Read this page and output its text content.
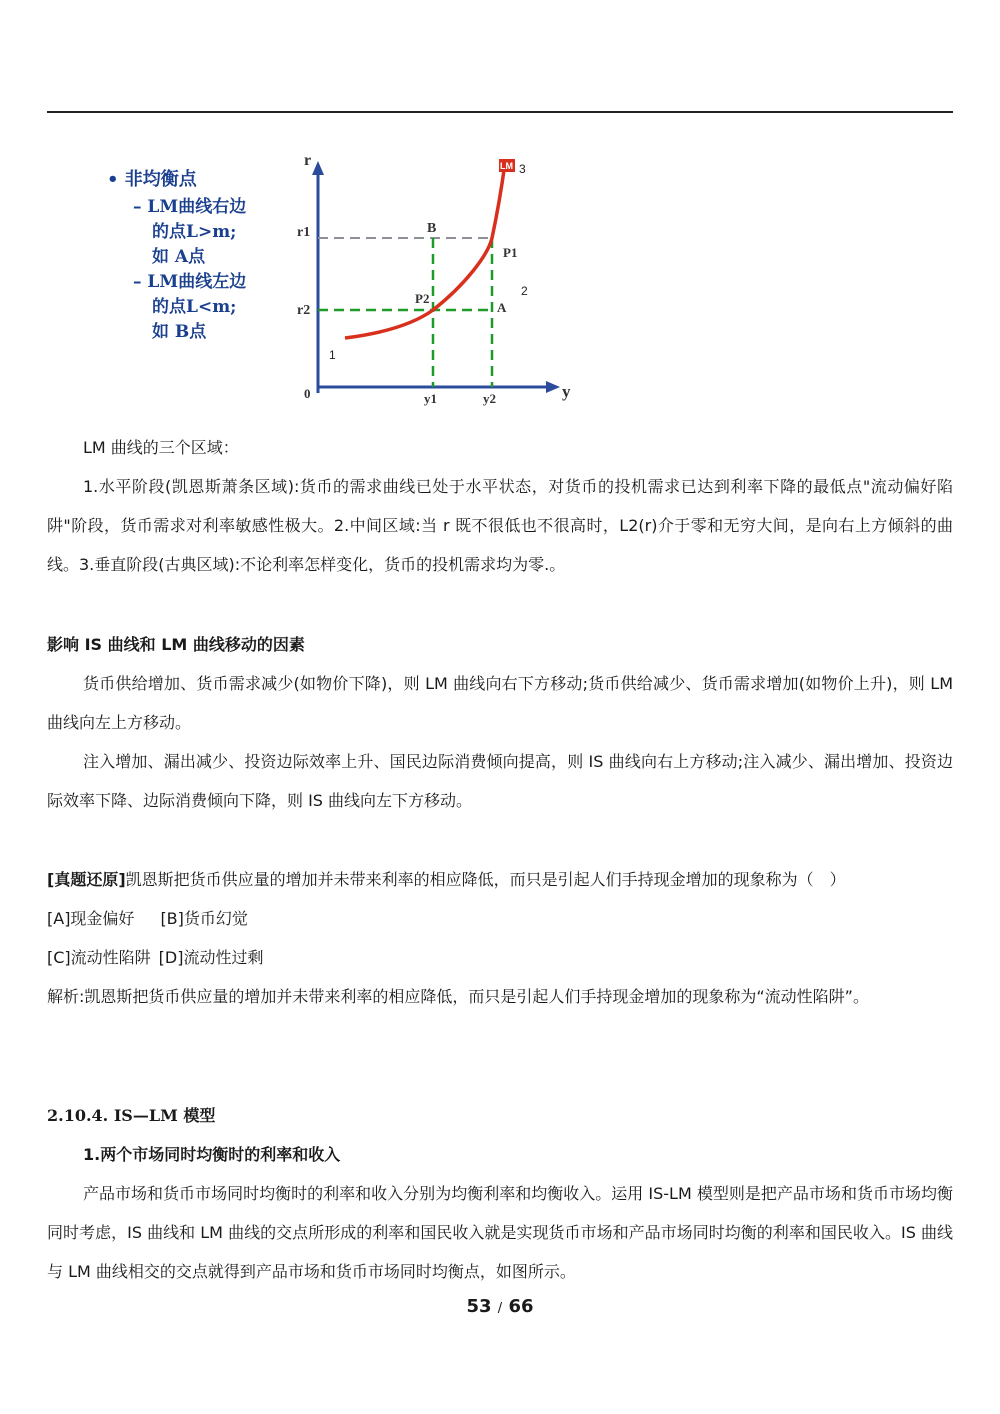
• 非均衡点
– LM曲线右边
的点L>m;
如 A点
– LM曲线左边
的点L<m;
如 B点
r
y
0
r1
r2
y1	y2
B
A
P1
P2
LM 3
2
1

LM 曲线的三个区域：

1.水平阶段(凯恩斯萧条区域):货币的需求曲线已处于水平状态，对货币的投机需求已达到利率下降的最低点"流动偏好陷阱"阶段，货币需求对利率敏感性极大。2.中间区域:当 r 既不很低也不很高时，L2(r)介于零和无穷大间，是向右上方倾斜的曲线。3.垂直阶段(古典区域):不论利率怎样变化，货币的投机需求均为零.。

影响 IS 曲线和 LM 曲线移动的因素

货币供给增加、货币需求减少(如物价下降)，则 LM 曲线向右下方移动;货币供给减少、货币需求增加(如物价上升)，则 LM 曲线向左上方移动。

注入增加、漏出减少、投资边际效率上升、国民边际消费倾向提高，则 IS 曲线向右上方移动;注入减少、漏出增加、投资边际效率下降、边际消费倾向下降，则 IS 曲线向左下方移动。

[真题还原]凯恩斯把货币供应量的增加并未带来利率的相应降低，而只是引起人们手持现金增加的现象称为（　）

[A]现金偏好 [B]货币幻觉

[C]流动性陷阱 [D]流动性过剩

解析:凯恩斯把货币供应量的增加并未带来利率的相应降低，而只是引起人们手持现金增加的现象称为“流动性陷阱”。

2.10.4. IS—LM 模型

1.两个市场同时均衡时的利率和收入

产品市场和货币市场同时均衡时的利率和收入分别为均衡利率和均衡收入。运用 IS-LM 模型则是把产品市场和货币市场均衡同时考虑，IS 曲线和 LM 曲线的交点所形成的利率和国民收入就是实现货币市场和产品市场同时均衡的利率和国民收入。IS 曲线与 LM 曲线相交的交点就得到产品市场和货币市场同时均衡点，如图所示。

53 / 66
